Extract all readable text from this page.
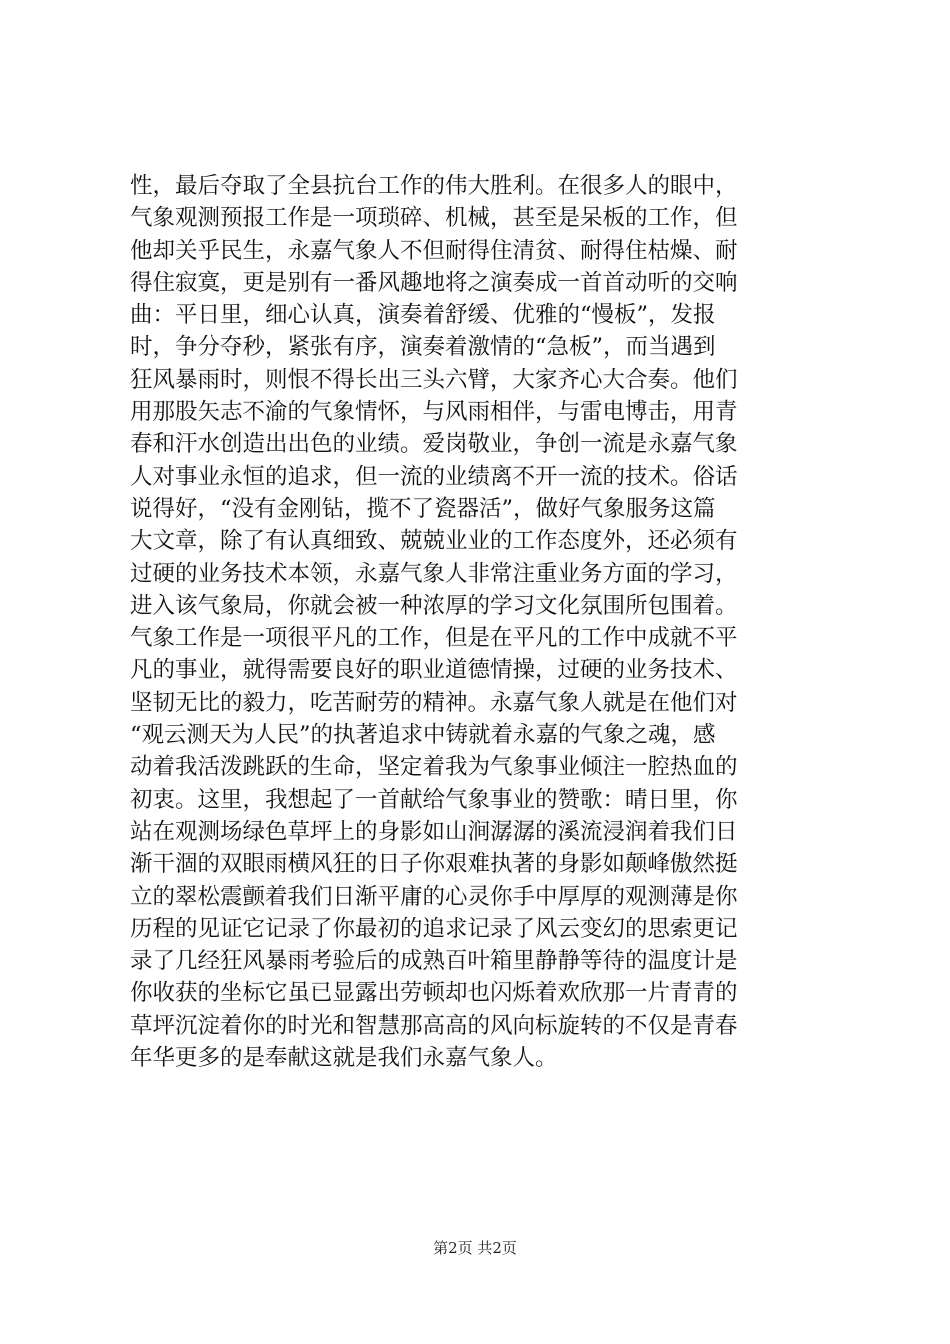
性，最后夺取了全县抗台工作的伟大胜利。在很多人的眼中，
气象观测预报工作是一项琐碎、机械，甚至是呆板的工作，但
他却关乎民生，永嘉气象人不但耐得住清贫、耐得住枯燥、耐
得住寂寞，更是别有一番风趣地将之演奏成一首首动听的交响
曲：平日里，细心认真，演奏着舒缓、优雅的“慢板”，发报
时，争分夺秒，紧张有序，演奏着激情的“急板”，而当遇到
狂风暴雨时，则恨不得长出三头六臂，大家齐心大合奏。他们
用那股矢志不渝的气象情怀，与风雨相伴，与雷电博击，用青
春和汗水创造出出色的业绩。爱岗敬业，争创一流是永嘉气象
人对事业永恒的追求，但一流的业绩离不开一流的技术。俗话
说得好，“没有金刚钻，揽不了瓷器活”，做好气象服务这篇
大文章，除了有认真细致、兢兢业业的工作态度外，还必须有
过硬的业务技术本领，永嘉气象人非常注重业务方面的学习，
进入该气象局，你就会被一种浓厚的学习文化氛围所包围着。
气象工作是一项很平凡的工作，但是在平凡的工作中成就不平
凡的事业，就得需要良好的职业道德情操，过硬的业务技术、
坚韧无比的毅力，吃苦耐劳的精神。永嘉气象人就是在他们对
“观云测天为人民”的执著追求中铸就着永嘉的气象之魂，感
动着我活泼跳跃的生命，坚定着我为气象事业倾注一腔热血的
初衷。这里，我想起了一首献给气象事业的赞歌：晴日里，你
站在观测场绿色草坪上的身影如山涧潺潺的溪流浸润着我们日
渐干涸的双眼雨横风狂的日子你艰难执著的身影如颠峰傲然挺
立的翠松震颤着我们日渐平庸的心灵你手中厚厚的观测薄是你
历程的见证它记录了你最初的追求记录了风云变幻的思索更记
录了几经狂风暴雨考验后的成熟百叶箱里静静等待的温度计是
你收获的坐标它虽已显露出劳顿却也闪烁着欢欣那一片青青的
草坪沉淀着你的时光和智慧那高高的风向标旋转的不仅是青春
年华更多的是奉献这就是我们永嘉气象人。
第2页 共2页
